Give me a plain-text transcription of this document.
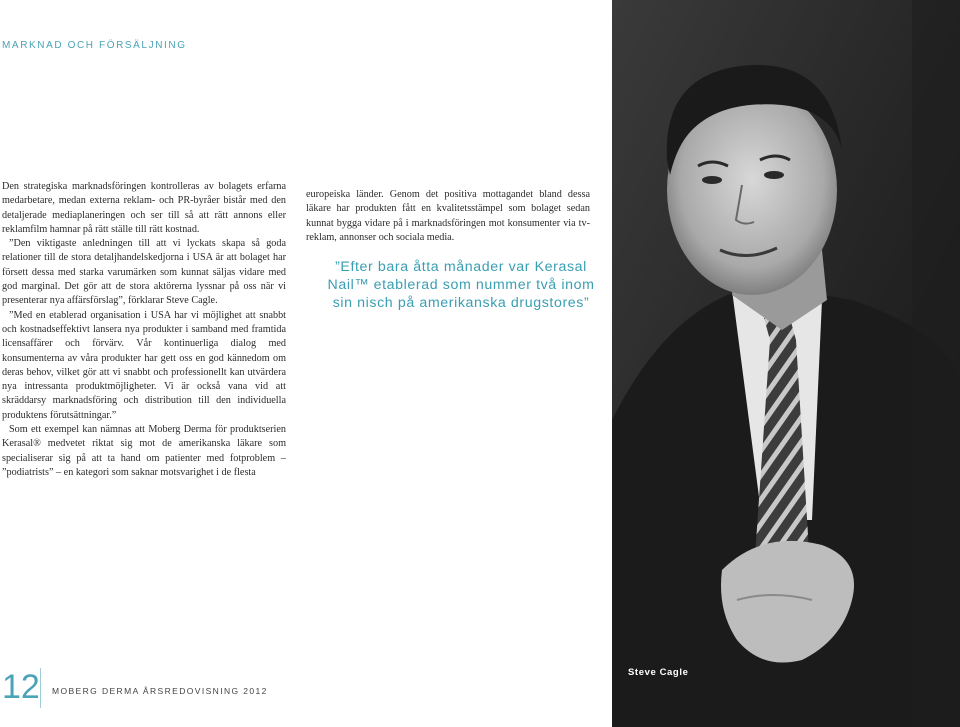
MARKNAD OCH FÖRSÄLJNING

Den strategiska marknadsföringen kontrolleras av bolagets erfarna medarbetare, medan externa reklam- och PR-byråer bistår med den detaljerade mediaplaneringen och ser till så att rätt annons eller reklamfilm hamnar på rätt ställe till rätt kostnad.

”Den viktigaste anledningen till att vi lyckats skapa så goda relationer till de stora detaljhandelskedjorna i USA är att bolaget har försett dessa med starka varumärken som kunnat säljas vidare med god marginal. Det gör att de stora aktörerna lyssnar på oss när vi presenterar nya affärsförslag”, förklarar Steve Cagle.

”Med en etablerad organisation i USA har vi möjlighet att snabbt och kostnadseffektivt lansera nya produkter i samband med framtida licensaffärer och förvärv. Vår kontinuerliga dialog med konsumenterna av våra produkter har gett oss en god kännedom om deras behov, vilket gör att vi snabbt och professionellt kan utvärdera nya intressanta produktmöjligheter. Vi är också vana vid att skräddarsy marknadsföring och distribution till den individuella produktens förutsättningar.”

Som ett exempel kan nämnas att Moberg Derma för produktserien Kerasal® medvetet riktat sig mot de amerikanska läkare som specialiserar sig på att ta hand om patienter med fotproblem – ”podiatrists” – en kategori som saknar motsvarighet i de flesta

europeiska länder. Genom det positiva mottagandet bland dessa läkare har produkten fått en kvalitetsstämpel som bolaget sedan kunnat bygga vidare på i marknadsföringen mot konsumenter via tv-reklam, annonser och sociala media.

”Efter bara åtta månader var Kerasal Nail™ etablerad som nummer två inom sin nisch på amerikanska drugstores”
Steve Cagle
12 MOBERG DERMA ÅRSREDOVISNING 2012
